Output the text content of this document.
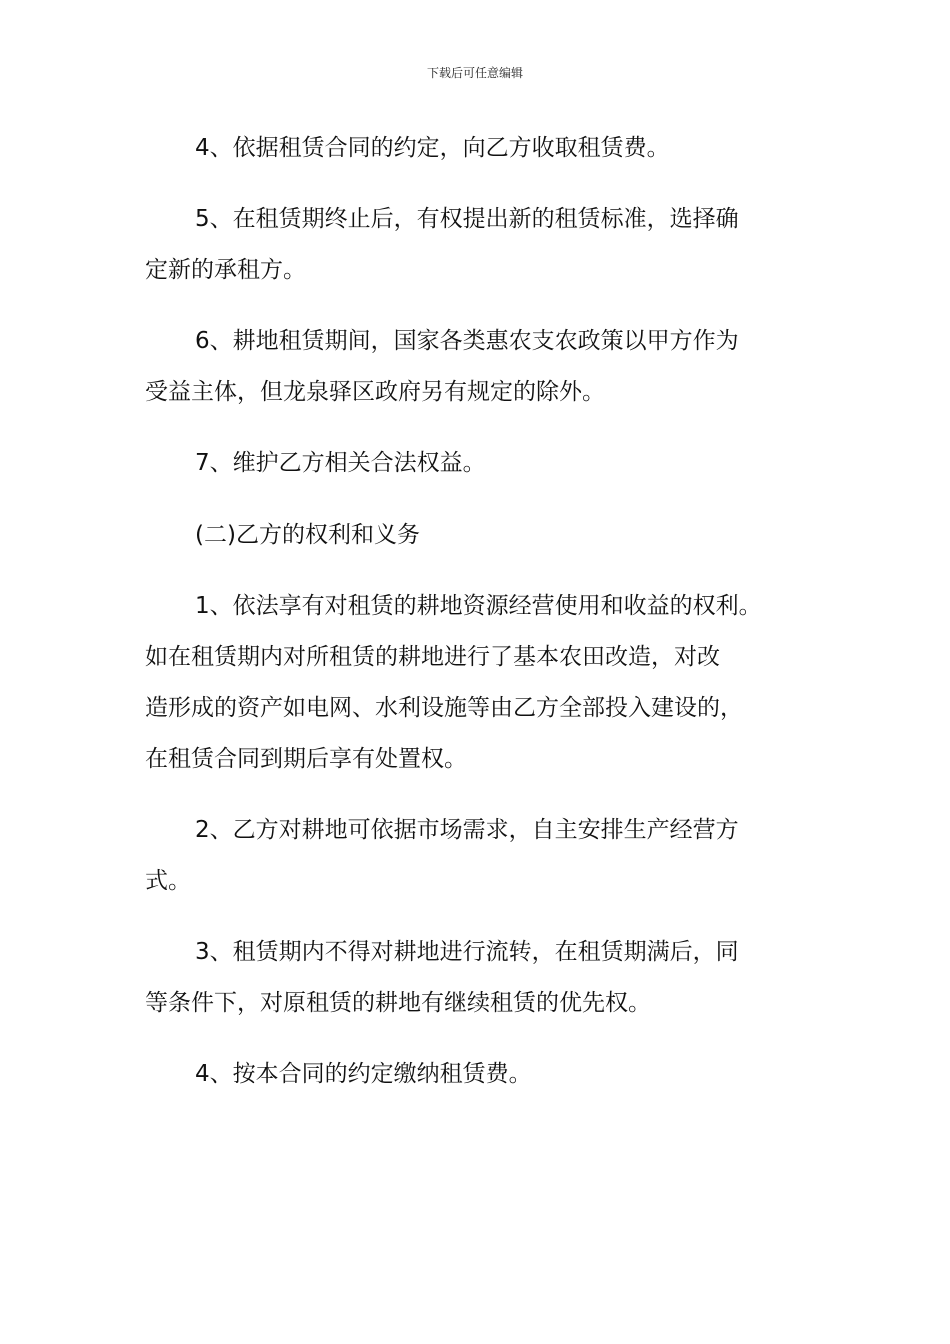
下载后可任意编辑
4、依据租赁合同的约定，向乙方收取租赁费。
5、在租赁期终止后，有权提出新的租赁标准，选择确
定新的承租方。
6、耕地租赁期间，国家各类惠农支农政策以甲方作为
受益主体，但龙泉驿区政府另有规定的除外。
7、维护乙方相关合法权益。
(二)乙方的权利和义务
1、依法享有对租赁的耕地资源经营使用和收益的权利。
如在租赁期内对所租赁的耕地进行了基本农田改造，对改
造形成的资产如电网、水利设施等由乙方全部投入建设的，
在租赁合同到期后享有处置权。
2、乙方对耕地可依据市场需求，自主安排生产经营方
式。
3、租赁期内不得对耕地进行流转，在租赁期满后，同
等条件下，对原租赁的耕地有继续租赁的优先权。
4、按本合同的约定缴纳租赁费。
